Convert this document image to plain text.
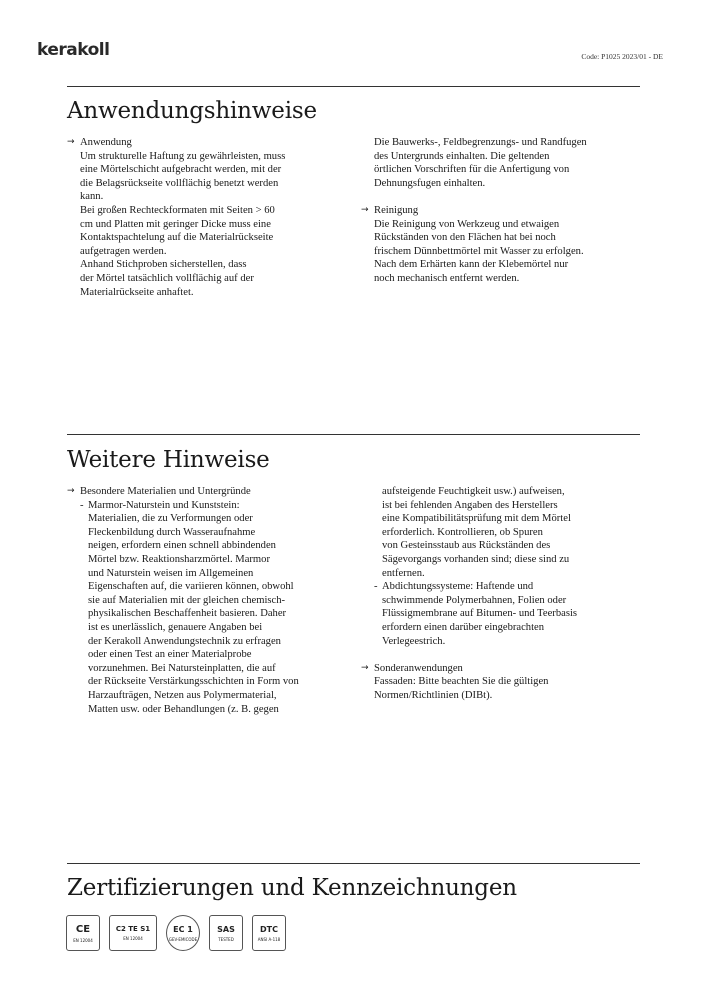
kerakoll	Code: P1025 2023/01 - DE
Anwendungshinweise

→ Anwendung

Um strukturelle Haftung zu gewährleisten, muss

eine Mörtelschicht aufgebracht werden, mit der

die Belagsrückseite vollflächig benetzt werden

kann.

Bei großen Rechteckformaten mit Seiten > 60

cm und Platten mit geringer Dicke muss eine

Kontaktspachtelung auf die Materialrückseite

aufgetragen werden.

Anhand Stichproben sicherstellen, dass

der Mörtel tatsächlich vollflächig auf der

Materialrückseite anhaftet.

Die Bauwerks-, Feldbegrenzungs- und Randfugen

des Untergrunds einhalten. Die geltenden

örtlichen Vorschriften für die Anfertigung von

Dehnungsfugen einhalten.

→ Reinigung

Die Reinigung von Werkzeug und etwaigen

Rückständen von den Flächen hat bei noch

frischem Dünnbettmörtel mit Wasser zu erfolgen.

Nach dem Erhärten kann der Klebemörtel nur

noch mechanisch entfernt werden.

Weitere Hinweise

→ Besondere Materialien und Untergründe

- Marmor-Naturstein und Kunststein:

Materialien, die zu Verformungen oder

Fleckenbildung durch Wasseraufnahme

neigen, erfordern einen schnell abbindenden

Mörtel bzw. Reaktionsharzmörtel. Marmor

und Naturstein weisen im Allgemeinen

Eigenschaften auf, die variieren können, obwohl

sie auf Materialien mit der gleichen chemisch-

physikalischen Beschaffenheit basieren. Daher

ist es unerlässlich, genauere Angaben bei

der Kerakoll Anwendungstechnik zu erfragen

oder einen Test an einer Materialprobe

vorzunehmen. Bei Natursteinplatten, die auf

der Rückseite Verstärkungsschichten in Form von

Harzaufträgen, Netzen aus Polymermaterial,

Matten usw. oder Behandlungen (z. B. gegen

aufsteigende Feuchtigkeit usw.) aufweisen,

ist bei fehlenden Angaben des Herstellers

eine Kompatibilitätsprüfung mit dem Mörtel

erforderlich. Kontrollieren, ob Spuren

von Gesteinsstaub aus Rückständen des

Sägevorgangs vorhanden sind; diese sind zu

entfernen.

- Abdichtungssysteme: Haftende und

schwimmende Polymerbahnen, Folien oder

Flüssigmembrane auf Bitumen- und Teerbasis

erfordern einen darüber eingebrachten

Verlegeestrich.

→ Sonderanwendungen

Fassaden: Bitte beachten Sie die gültigen

Normen/Richtlinien (DIBt).

Zertifizierungen und Kennzeichnungen
CE
EN 12004
C2 TE S1
EN 12004
EC 1
GEV-EMICODE
SAS
TESTED
DTC
ANSI A-118
